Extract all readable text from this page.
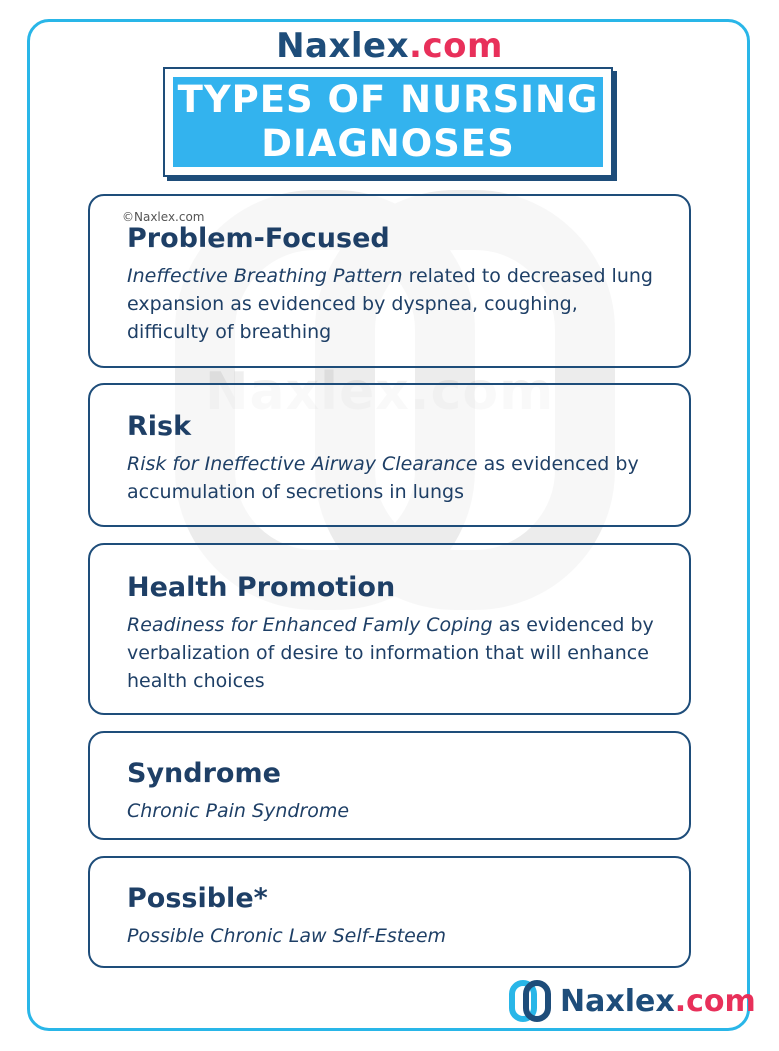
Naxlex.com
TYPES OF NURSING
DIAGNOSES
©Naxlex.com
Problem-Focused

Ineffective Breathing Pattern related to decreased lung expansion as evidenced by dyspnea, coughing, difficulty of breathing

Risk

Risk for Ineffective Airway Clearance as evidenced by accumulation of secretions in lungs

Health Promotion

Readiness for Enhanced Famly Coping as evidenced by verbalization of desire to information that will enhance health choices

Syndrome

Chronic Pain Syndrome

Possible*

Possible Chronic Law Self-Esteem

Naxlex.com
